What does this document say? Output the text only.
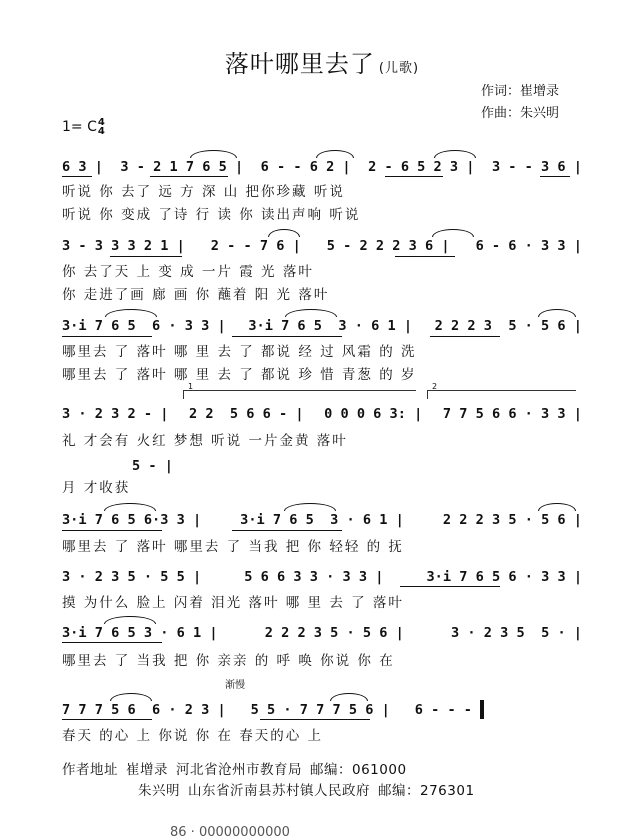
落叶哪里去了 (儿歌)
作词：崔增录
作曲：朱兴明
1= C 4
4
6 3 | 3 - 2 1 7 6 5 | 6 - - 6 2 | 2 - 6 5 2 3 | 3 - - 3 6 |
听说 你 去了 远 方 深 山 把你珍藏 听说
听说 你 变成 了诗 行 读 你 读出声响 听说
3 - 3 3 3 2 1 | 2 - - 7 6 | 5 - 2 2 2 3 6 | 6 - 6 · 3 3 |
你 去了天 上 变 成 一片 霞 光 落叶
你 走进了画 廊 画 你 蘸着 阳 光 落叶
3·i 7 6 5  6 · 3 3 | 3·i 7 6 5  3 · 6 1 | 2 2 2 3  5 · 5 6 |
哪里去 了 落叶 哪 里 去 了 都说 经 过 风霜 的 洗
哪里去 了 落叶 哪 里 去 了 都说 珍 惜 青葱 的 岁
1	2
3 · 2 3 2 - | 2 2  5 6 6 - | 0 0 0 6 3: | 7 7 5 6 6 · 3 3 |
礼 才会有 火红 梦想 听说 一片金黄 落叶
5 - |
月 才收获
3·i 7 6 5 6·3 3 |	3·i 7 6 5  3 · 6 1 |	2 2 2 3 5 · 5 6 |
哪里去 了 落叶 哪里去 了 当我 把 你 轻轻 的 抚
3 · 2 3 5 · 5 5 |	5 6 6 3 3 · 3 3 |	3·i 7 6 5 6 · 3 3 |
摸 为什么 脸上 闪着 泪光 落叶 哪 里 去 了 落叶
3·i 7 6 5 3 · 6 1 |	2 2 2 3 5 · 5 6 |	3 · 2 3 5  5 · |
哪里去 了 当我 把 你 亲亲 的 呼 唤 你说 你 在
渐慢
7 7 7 5 6  6 · 2 3 | 5 5 · 7 7 7 5 6 | 6 - - -
春天 的心 上 你说 你 在 春天的心 上
作者地址 崔增录 河北省沧州市教育局 邮编：061000
朱兴明 山东省沂南县苏村镇人民政府 邮编：276301
86 · 00000000000
